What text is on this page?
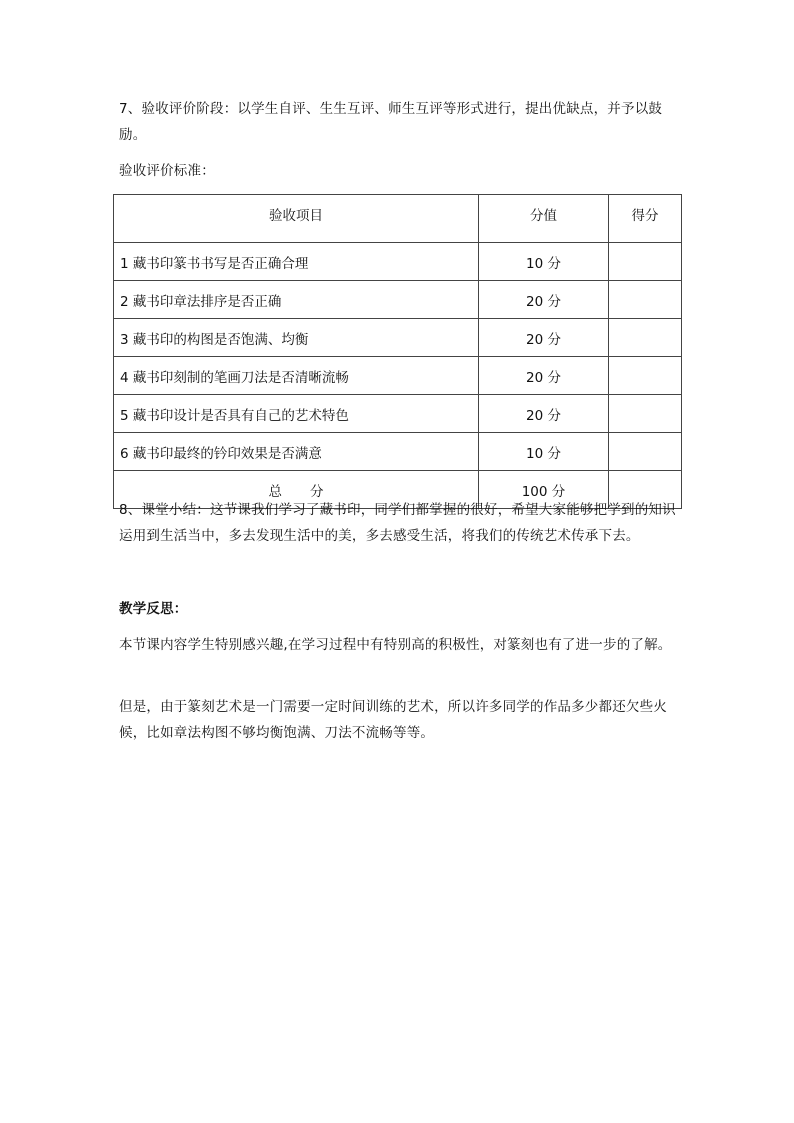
7、验收评价阶段：以学生自评、生生互评、师生互评等形式进行，提出优缺点，并予以鼓励。

验收评价标准：

验收项目	分值	得分
1 藏书印篆书书写是否正确合理	10 分	
2 藏书印章法排序是否正确	20 分	
3 藏书印的构图是否饱满、均衡	20 分	
4 藏书印刻制的笔画刀法是否清晰流畅	20 分	
5 藏书印设计是否具有自己的艺术特色	20 分	
6 藏书印最终的钤印效果是否满意	10 分	
总 分	100 分	

8、课堂小结：这节课我们学习了藏书印，同学们都掌握的很好，希望大家能够把学到的知识运用到生活当中，多去发现生活中的美，多去感受生活，将我们的传统艺术传承下去。

教学反思：

本节课内容学生特别感兴趣,在学习过程中有特别高的积极性，对篆刻也有了进一步的了解。

但是，由于篆刻艺术是一门需要一定时间训练的艺术，所以许多同学的作品多少都还欠些火候，比如章法构图不够均衡饱满、刀法不流畅等等。
